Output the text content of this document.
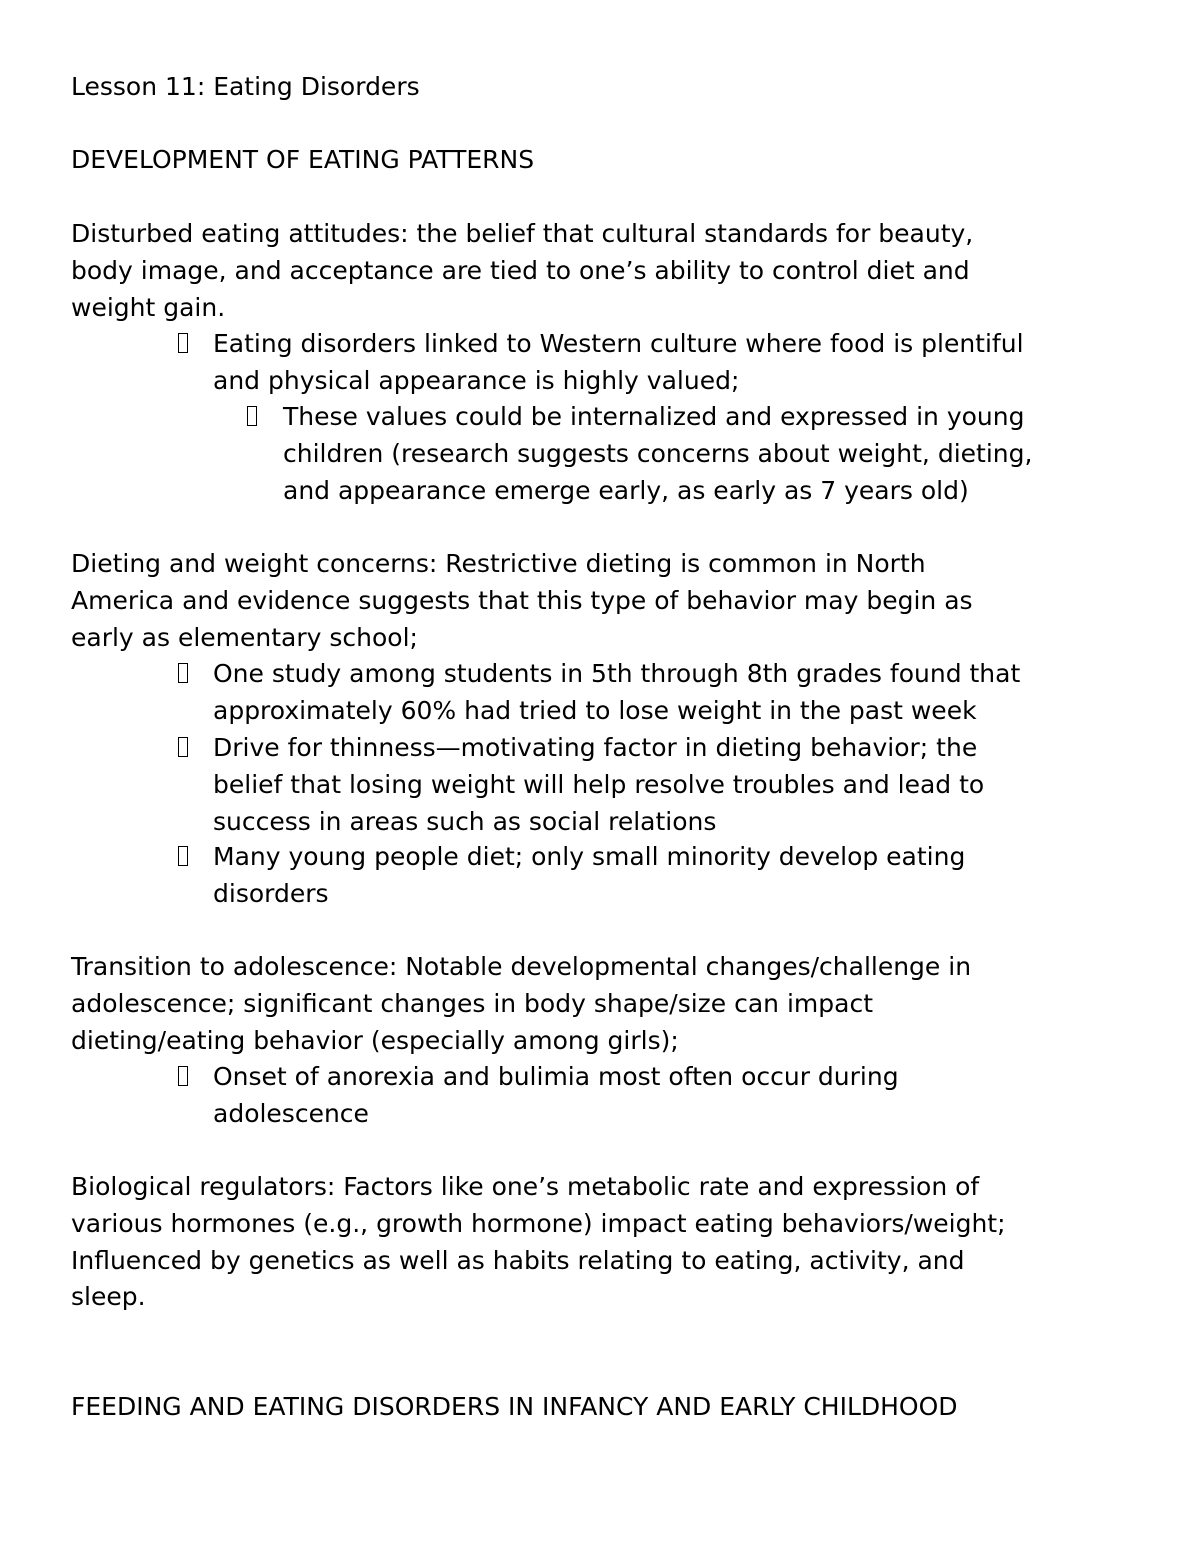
Lesson 11: Eating Disorders
DEVELOPMENT OF EATING PATTERNS
Disturbed eating attitudes: the belief that cultural standards for beauty,
body image, and acceptance are tied to one’s ability to control diet and
weight gain.
Eating disorders linked to Western culture where food is plentiful
and physical appearance is highly valued;
These values could be internalized and expressed in young
children (research suggests concerns about weight, dieting,
and appearance emerge early, as early as 7 years old)
Dieting and weight concerns: Restrictive dieting is common in North
America and evidence suggests that this type of behavior may begin as
early as elementary school;
One study among students in 5th through 8th grades found that
approximately 60% had tried to lose weight in the past week
Drive for thinness—motivating factor in dieting behavior; the
belief that losing weight will help resolve troubles and lead to
success in areas such as social relations
Many young people diet; only small minority develop eating
disorders
Transition to adolescence: Notable developmental changes/challenge in
adolescence; significant changes in body shape/size can impact
dieting/eating behavior (especially among girls);
Onset of anorexia and bulimia most often occur during
adolescence
Biological regulators: Factors like one’s metabolic rate and expression of
various hormones (e.g., growth hormone) impact eating behaviors/weight;
Influenced by genetics as well as habits relating to eating, activity, and
sleep.
FEEDING AND EATING DISORDERS IN INFANCY AND EARLY CHILDHOOD
